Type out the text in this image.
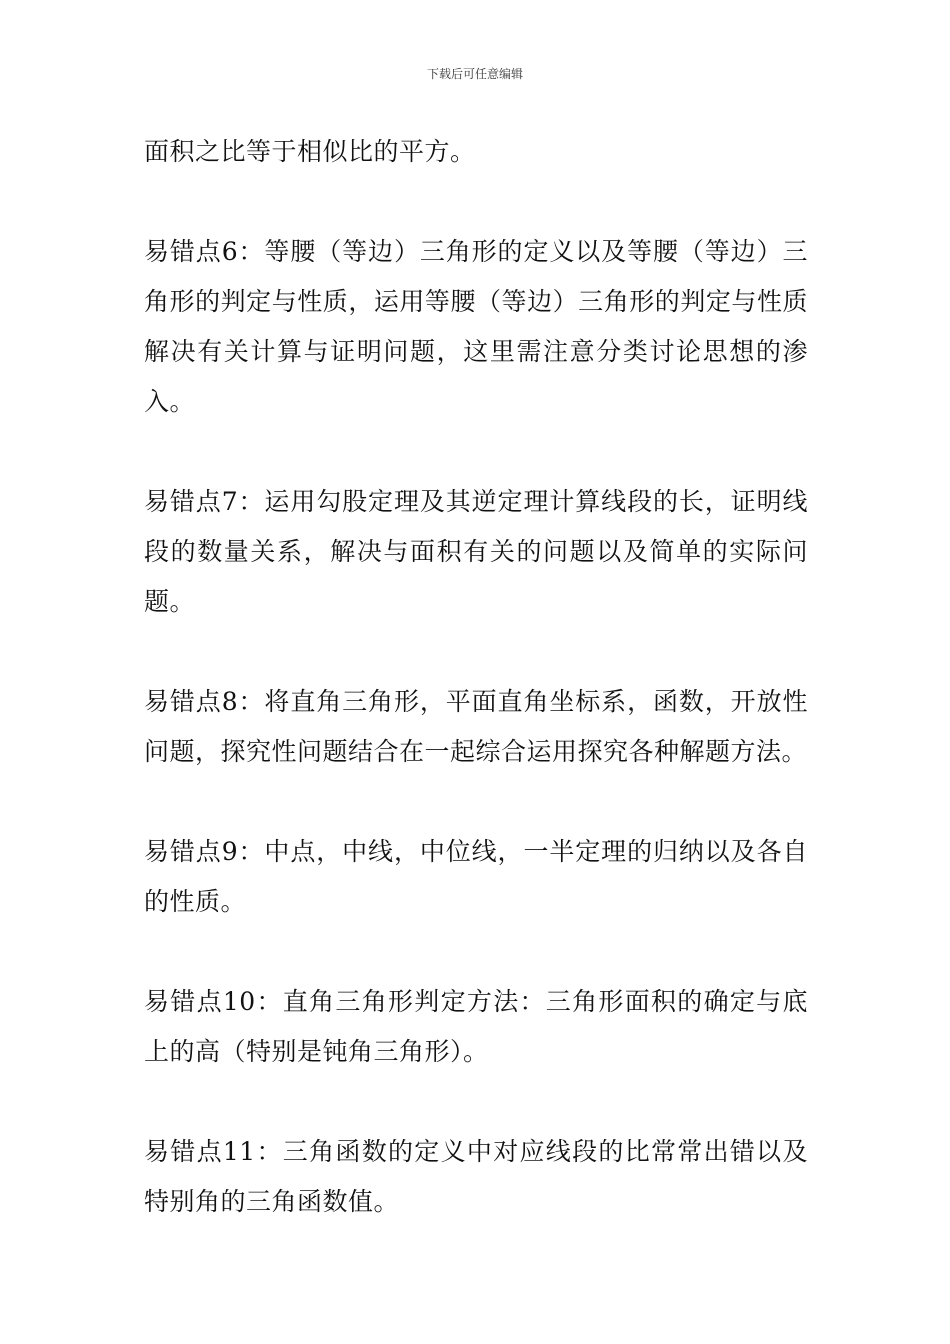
下载后可任意编辑

面积之比等于相似比的平方。

易错点6：等腰（等边）三角形的定义以及等腰（等边）三角形的判定与性质，运用等腰（等边）三角形的判定与性质解决有关计算与证明问题，这里需注意分类讨论思想的渗入。

易错点7：运用勾股定理及其逆定理计算线段的长，证明线段的数量关系，解决与面积有关的问题以及简单的实际问题。

易错点8：将直角三角形，平面直角坐标系，函数，开放性问题，探究性问题结合在一起综合运用探究各种解题方法。

易错点9：中点，中线，中位线，一半定理的归纳以及各自的性质。

易错点10：直角三角形判定方法：三角形面积的确定与底上的高（特别是钝角三角形）。

易错点11：三角函数的定义中对应线段的比常常出错以及特别角的三角函数值。
